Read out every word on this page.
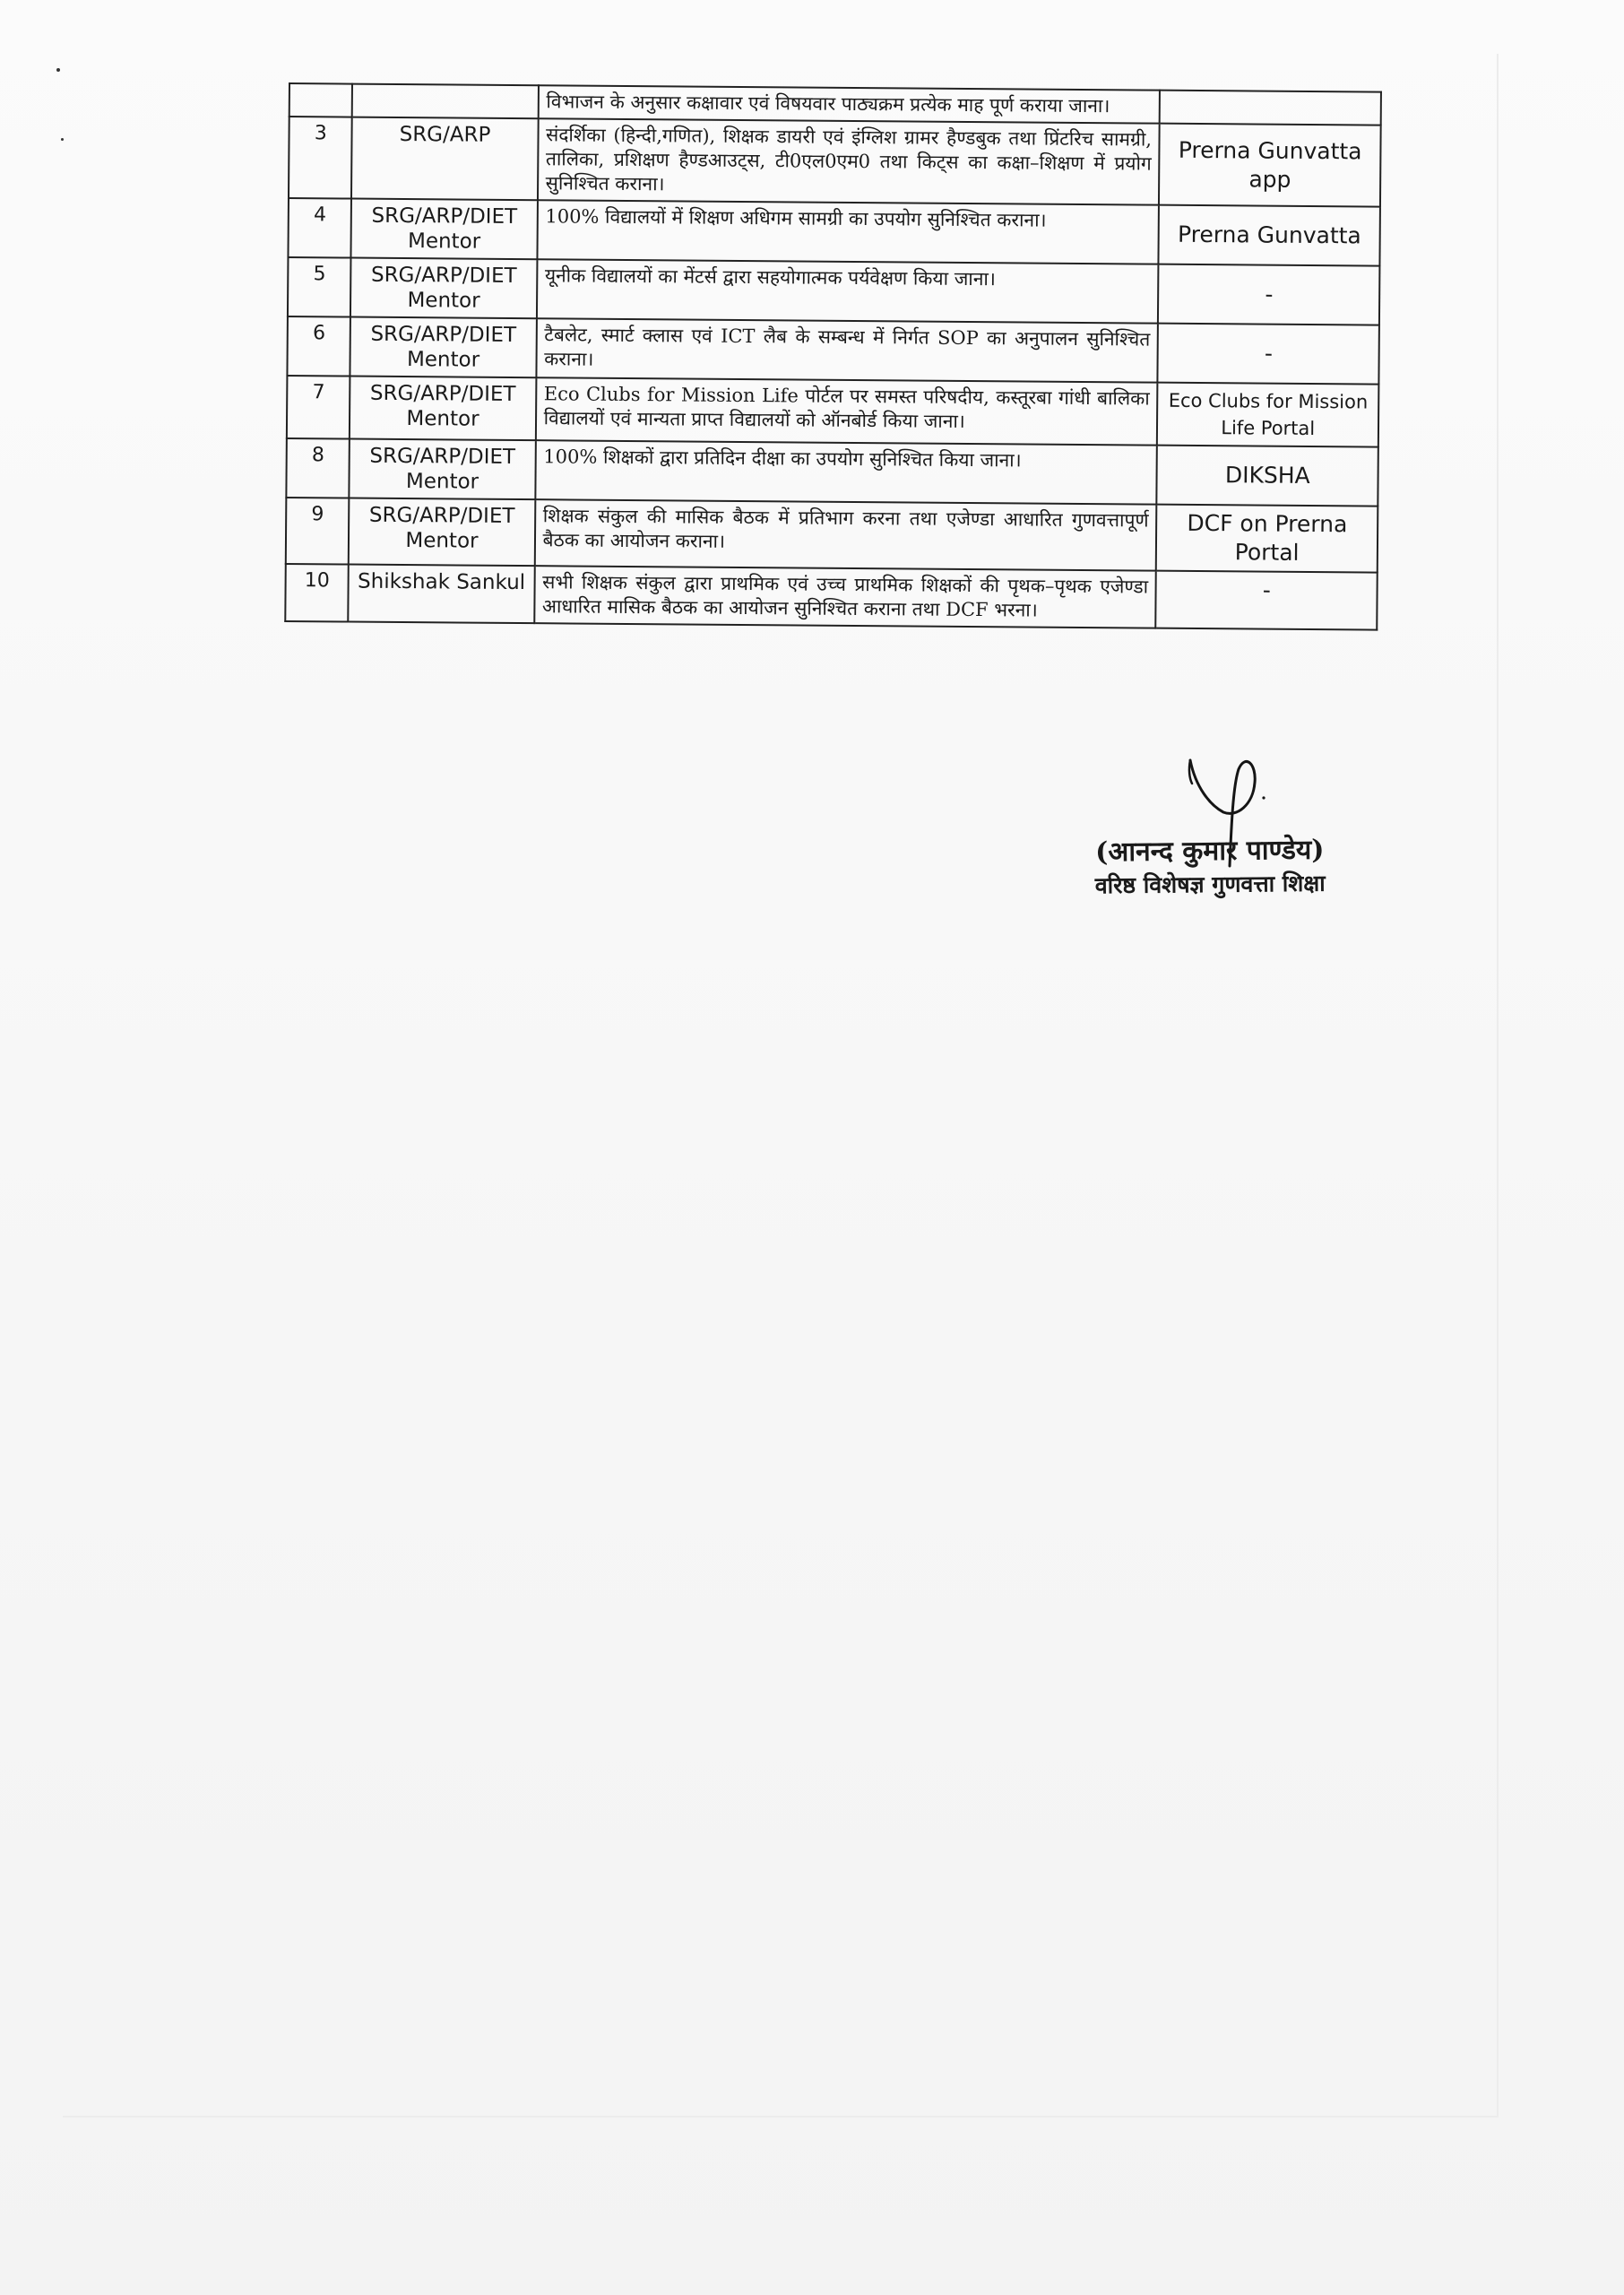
		विभाजन के अनुसार कक्षावार एवं विषयवार पाठ्यक्रम प्रत्येक माह पूर्ण कराया जाना।	
3	SRG/ARP	संदर्शिका (हिन्दी,गणित), शिक्षक डायरी एवं इंग्लिश ग्रामर हैण्डबुक तथा प्रिंटरिच सामग्री, तालिका, प्रशिक्षण हैण्डआउट्स, टी0एल0एम0 तथा किट्स का कक्षा–शिक्षण में प्रयोग सुनिश्चित कराना।	Prerna Gunvatta app
4	SRG/ARP/DIET Mentor	100% विद्यालयों में शिक्षण अधिगम सामग्री का उपयोग सुनिश्चित कराना।	Prerna Gunvatta
5	SRG/ARP/DIET Mentor	यूनीक विद्यालयों का मेंटर्स द्वारा सहयोगात्मक पर्यवेक्षण किया जाना।	-
6	SRG/ARP/DIET Mentor	टैबलेट, स्मार्ट क्लास एवं ICT लैब के सम्बन्ध में निर्गत SOP का अनुपालन सुनिश्चित कराना।	-
7	SRG/ARP/DIET Mentor	Eco Clubs for Mission Life पोर्टल पर समस्त परिषदीय, कस्तूरबा गांधी बालिका विद्यालयों एवं मान्यता प्राप्त विद्यालयों को ऑनबोर्ड किया जाना।	Eco Clubs for Mission Life Portal
8	SRG/ARP/DIET Mentor	100% शिक्षकों द्वारा प्रतिदिन दीक्षा का उपयोग सुनिश्चित किया जाना।	DIKSHA
9	SRG/ARP/DIET Mentor	शिक्षक संकुल की मासिक बैठक में प्रतिभाग करना तथा एजेण्डा आधारित गुणवत्तापूर्ण बैठक का आयोजन कराना।	DCF on Prerna Portal
10	Shikshak Sankul	सभी शिक्षक संकुल द्वारा प्राथमिक एवं उच्च प्राथमिक शिक्षकों की पृथक–पृथक एजेण्डा आधारित मासिक बैठक का आयोजन सुनिश्चित कराना तथा DCF भरना।	-
(आनन्द कुमार पाण्डेय)
वरिष्ठ विशेषज्ञ गुणवत्ता शिक्षा
